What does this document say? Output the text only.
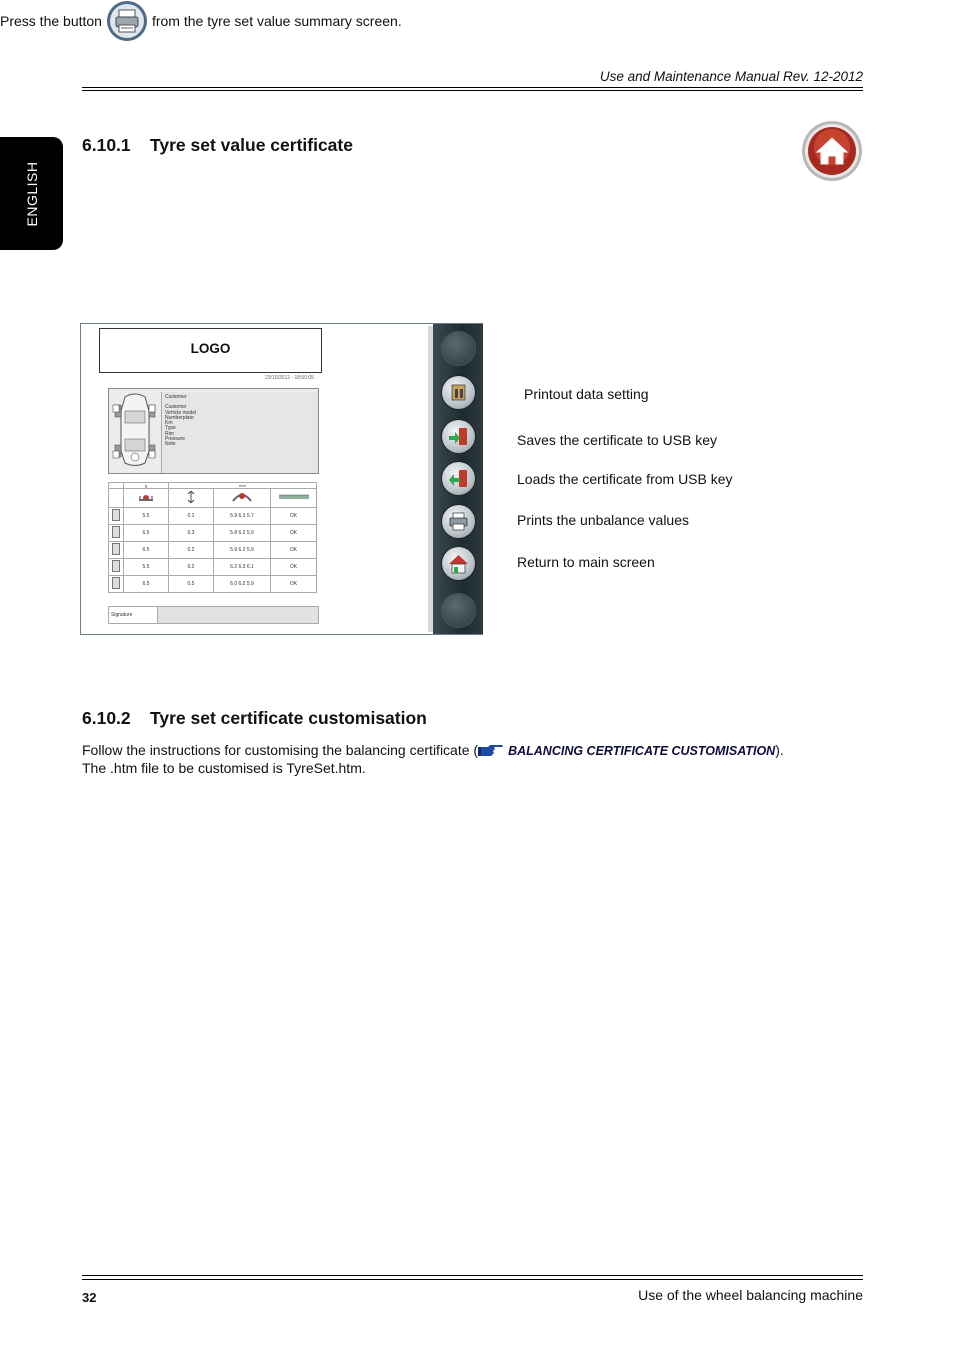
Use and Maintenance Manual Rev. 12-2012
ENGLISH
6.10.1 Tyre set value certificate
Press the button	from the tyre set value summary screen.
LOGO
23/10/2012 - 18:50:05
Customer
Customer
Vehicle model
Numberplate
Km
Type
Rim
Pressure
Note
	g	mm		

	5.5	0.1	5.9 6.3 5.7	OK
	6.5	0.3	5.8 6.2 5.9	OK
	6.5	0.2	5.9 6.2 5.9	OK
	5.5	0.2	6.2 6.3 6.1	OK
	6.5	0.5	6.0 6.2 5.9	OK
Signature
Printout data setting
Saves the certificate to USB key
Loads the certificate from USB key
Prints the unbalance values
Return to main screen
6.10.2 Tyre set certificate customisation
Follow the instructions for customising the balancing certificate ( BALANCING CERTIFICATE CUSTOMISATION).
The .htm file to be customised is TyreSet.htm.
32	Use of the wheel balancing machine
